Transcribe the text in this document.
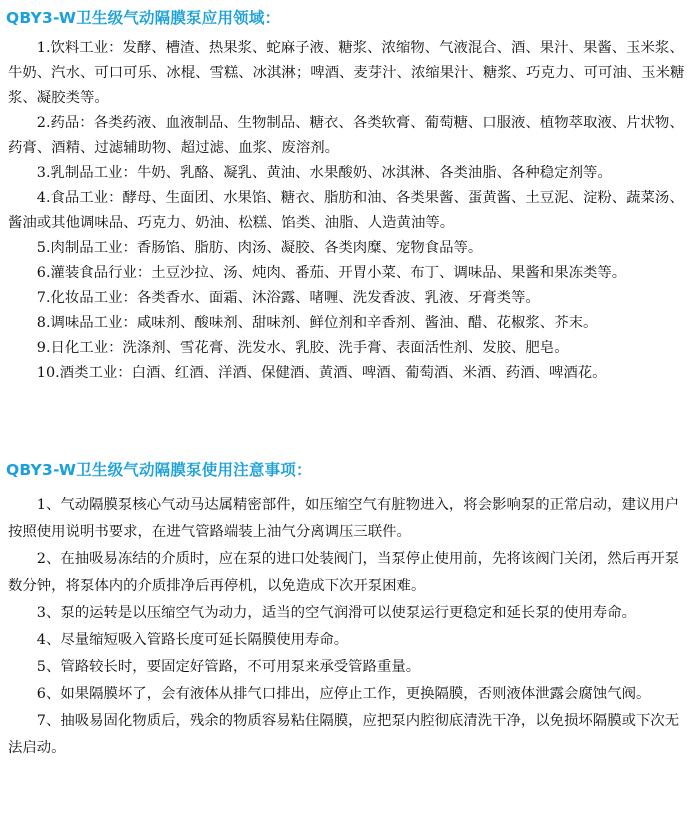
QBY3-W卫生级气动隔膜泵应用领域：

1.饮料工业：发酵、槽渣、热果浆、蛇麻子液、糖浆、浓缩物、气液混合、酒、果汁、果酱、玉米浆、牛奶、汽水、可口可乐、冰棍、雪糕、冰淇淋；啤酒、麦芽汁、浓缩果汁、糖浆、巧克力、可可油、玉米糖浆、凝胶类等。

2.药品：各类药液、血液制品、生物制品、糖衣、各类软膏、葡萄糖、口服液、植物萃取液、片状物、药膏、酒精、过滤辅助物、超过滤、血浆、废溶剂。

3.乳制品工业：牛奶、乳酪、凝乳、黄油、水果酸奶、冰淇淋、各类油脂、各种稳定剂等。

4.食品工业：酵母、生面团、水果馅、糖衣、脂肪和油、各类果酱、蛋黄酱、土豆泥、淀粉、蔬菜汤、酱油或其他调味品、巧克力、奶油、松糕、馅类、油脂、人造黄油等。

5.肉制品工业：香肠馅、脂肪、肉汤、凝胶、各类肉糜、宠物食品等。

6.灌装食品行业：土豆沙拉、汤、炖肉、番茄、开胃小菜、布丁、调味品、果酱和果冻类等。

7.化妆品工业：各类香水、面霜、沐浴露、啫喱、洗发香波、乳液、牙膏类等。

8.调味品工业：咸味剂、酸味剂、甜味剂、鲜位剂和辛香剂、酱油、醋、花椒浆、芥末。

9.日化工业：洗涤剂、雪花膏、洗发水、乳胶、洗手膏、表面活性剂、发胶、肥皂。

10.酒类工业：白酒、红酒、洋酒、保健酒、黄酒、啤酒、葡萄酒、米酒、药酒、啤酒花。

QBY3-W卫生级气动隔膜泵使用注意事项：

1、气动隔膜泵核心气动马达属精密部件，如压缩空气有脏物进入，将会影响泵的正常启动，建议用户按照使用说明书要求，在进气管路端装上油气分离调压三联件。

2、在抽吸易冻结的介质时，应在泵的进口处装阀门，当泵停止使用前，先将该阀门关闭，然后再开泵数分钟，将泵体内的介质排净后再停机，以免造成下次开泵困难。

3、泵的运转是以压缩空气为动力，适当的空气润滑可以使泵运行更稳定和延长泵的使用寿命。

4、尽量缩短吸入管路长度可延长隔膜使用寿命。

5、管路较长时，要固定好管路，不可用泵来承受管路重量。

6、如果隔膜坏了，会有液体从排气口排出，应停止工作，更换隔膜，否则液体泄露会腐蚀气阀。

7、抽吸易固化物质后，残余的物质容易粘住隔膜，应把泵内腔彻底清洗干净，以免损坏隔膜或下次无法启动。
